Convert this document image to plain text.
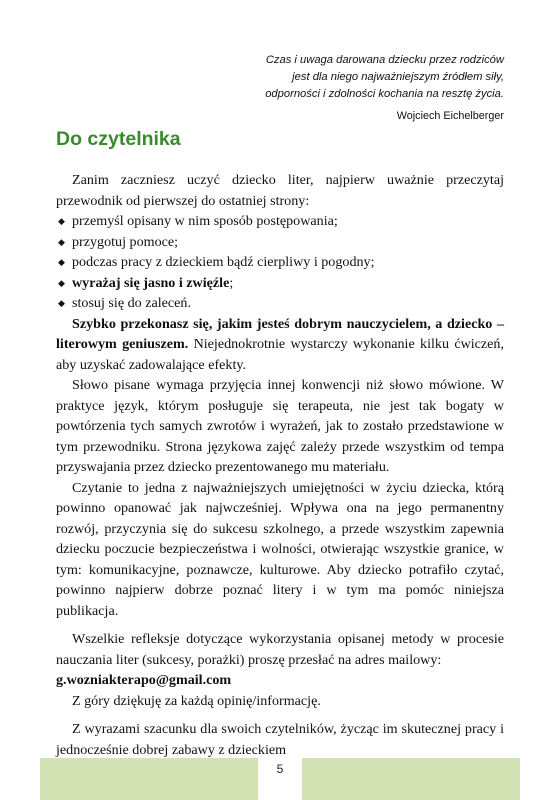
Czas i uwaga darowana dziecku przez rodziców
jest dla niego najważniejszym źródłem siły,
odporności i zdolności kochania na resztę życia.
Wojciech Eichelberger
Do czytelnika

Zanim zaczniesz uczyć dziecko liter, najpierw uważnie przeczytaj przewodnik od pierwszej do ostatniej strony:

◆ przemyśl opisany w nim sposób postępowania;
◆ przygotuj pomoce;
◆ podczas pracy z dzieckiem bądź cierpliwy i pogodny;
◆ wyrażaj się jasno i zwięźle;
◆ stosuj się do zaleceń.

Szybko przekonasz się, jakim jesteś dobrym nauczycielem, a dziecko – literowym geniuszem. Niejednokrotnie wystarczy wykonanie kilku ćwiczeń, aby uzyskać zadowalające efekty.

Słowo pisane wymaga przyjęcia innej konwencji niż słowo mówione. W praktyce język, którym posługuje się terapeuta, nie jest tak bogaty w powtórzenia tych samych zwrotów i wyrażeń, jak to zostało przedstawione w tym przewodniku. Strona językowa zajęć zależy przede wszystkim od tempa przyswajania przez dziecko prezentowanego mu materiału.

Czytanie to jedna z najważniejszych umiejętności w życiu dziecka, którą powinno opanować jak najwcześniej. Wpływa ona na jego permanentny rozwój, przyczynia się do sukcesu szkolnego, a przede wszystkim zapewnia dziecku poczucie bezpieczeństwa i wolności, otwierając wszystkie granice, w tym: komunikacyjne, poznawcze, kulturowe. Aby dziecko potrafiło czytać, powinno najpierw dobrze poznać litery i w tym ma pomóc niniejsza publikacja.

Wszelkie refleksje dotyczące wykorzystania opisanej metody w procesie nauczania liter (sukcesy, porażki) proszę przesłać na adres mailowy:

g.wozniakterapo@gmail.com

Z góry dziękuję za każdą opinię/informację.

Z wyrazami szacunku dla swoich czytelników, życząc im skutecznej pracy i jednocześnie dobrej zabawy z dzieckiem

5
